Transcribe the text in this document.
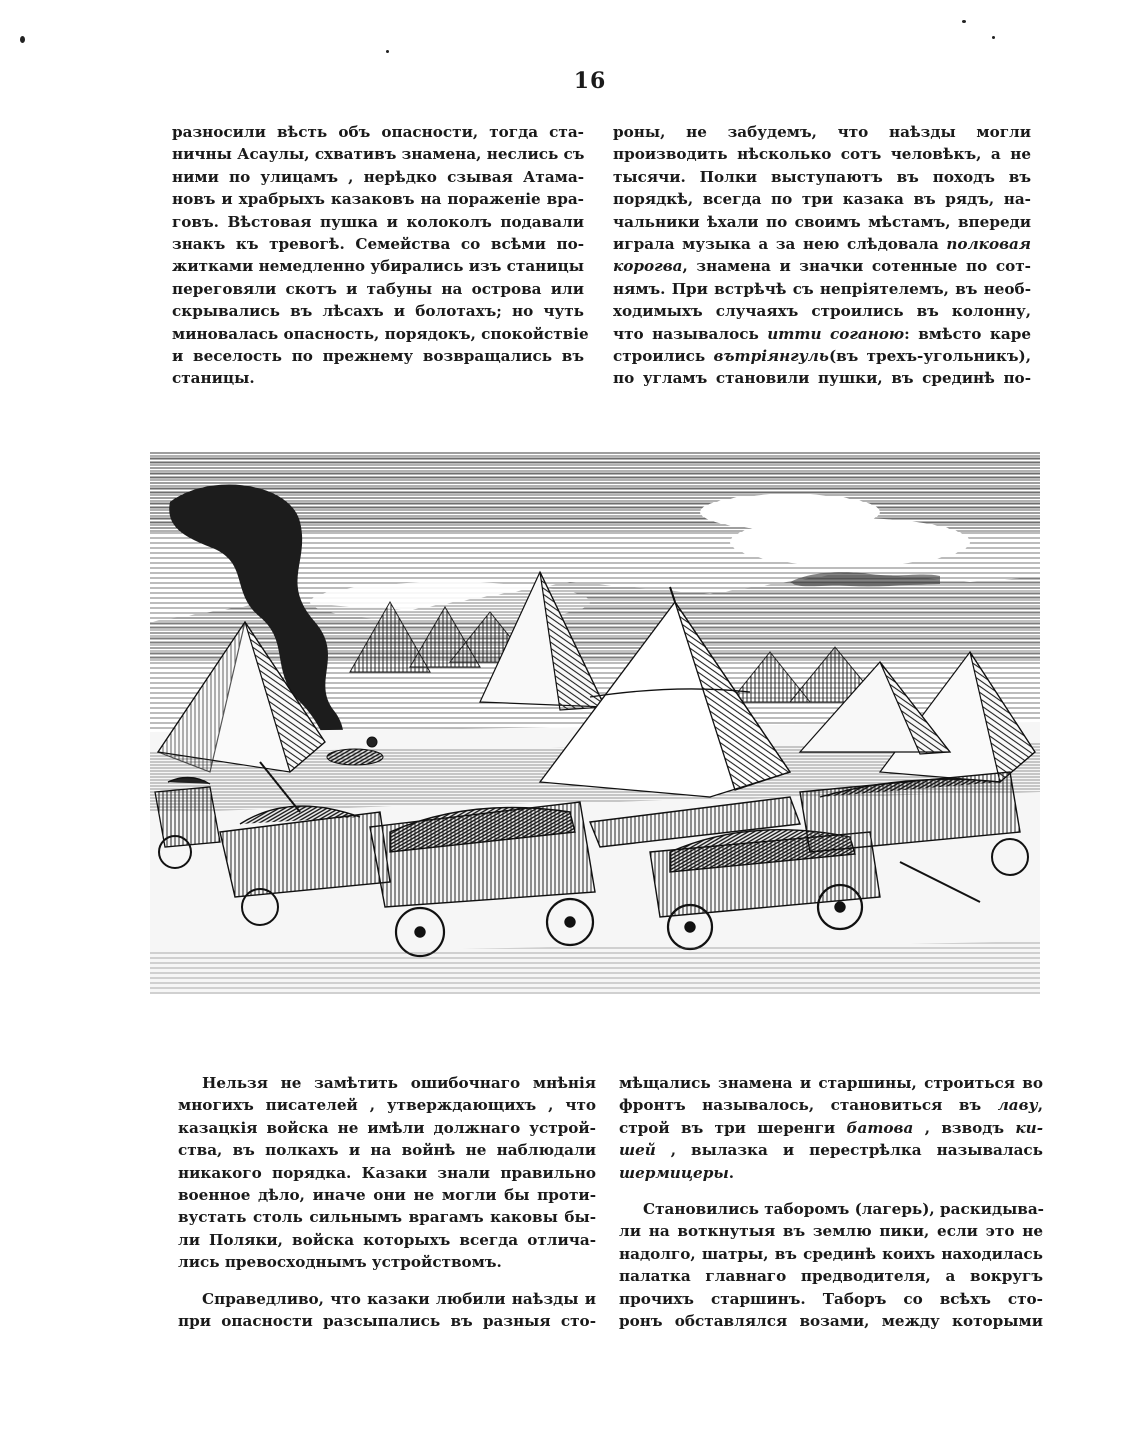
16
разносили вѣсть объ опасности, тогда ста-
ничны Асаулы, схвативъ знамена, неслись съ
ними по улицамъ , нерѣдко сзывая Атама-
новъ и храбрыхъ казаковъ на пораженіе вра-
говъ. Вѣстовая пушка и колоколъ подавали
знакъ къ тревогѣ. Семейства со всѣми по-
житками немедленно убирались изъ станицы
переговяли скотъ и табуны на острова или
скрывались въ лѣсахъ и болотахъ; но чуть
миновалась опасность, порядокъ, спокойствіе
и веселость по прежнему возвращались въ
станицы.
роны, не забудемъ, что наѣзды могли
производить нѣсколько сотъ человѣкъ, а не
тысячи. Полки выступаютъ въ походъ въ
порядкѣ, всегда по три казака въ рядъ, на-
чальники ѣхали по своимъ мѣстамъ, впереди
играла музыка а за нею слѣдовала полковая
корогва, знамена и значки сотенные по сот-
нямъ. При встрѣчѣ съ непріятелемъ, въ необ-
ходимыхъ случаяхъ строились въ колонну,
что называлось итти соганою: вмѣсто каре
строились вътріянгуль(въ трехъ-угольникъ),
по угламъ становили пушки, въ срединѣ по-

Нельзя не замѣтить ошибочнаго мнѣнія
многихъ писателей , утверждающихъ , что
казацкія войска не имѣли должнаго устрой-
ства, въ полкахъ и на войнѣ не наблюдали
никакого порядка. Казаки знали правильно
военное дѣло, иначе они не могли бы проти-
вустать столь сильнымъ врагамъ каковы бы-
ли Поляки, войска которыхъ всегда отлича-
лись превосходнымъ устройствомъ.

Справедливо, что казаки любили наѣзды и
при опасности разсыпались въ разныя сто-

мѣщались знамена и старшины, строиться во
фронтъ называлось, становиться въ лаву,
строй въ три шеренги батова , взводъ ки-
шей , вылазка и перестрѣлка называлась
шермицеры.

Становились таборомъ (лагерь), раскидыва-
ли на воткнутыя въ землю пики, если это не
надолго, шатры, въ срединѣ коихъ находилась
палатка главнаго предводителя, а вокругъ
прочихъ старшинъ. Таборъ со всѣхъ сто-
ронъ обставлялся возами, между которыми
